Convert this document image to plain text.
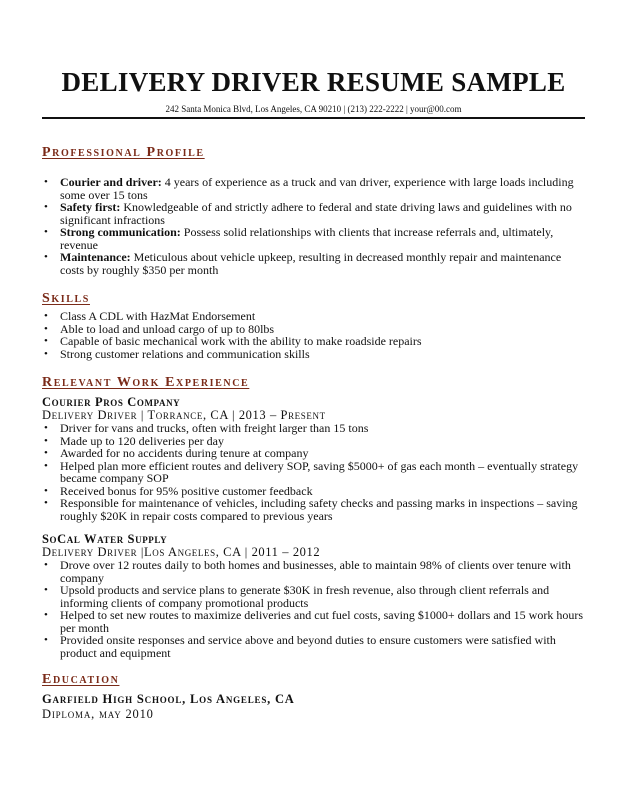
DELIVERY DRIVER RESUME SAMPLE
242 Santa Monica Blvd, Los Angeles, CA 90210 | (213) 222-2222 | your@00.com
Professional Profile
• Courier and driver: 4 years of experience as a truck and van driver, experience with large loads including some over 15 tons
• Safety first: Knowledgeable of and strictly adhere to federal and state driving laws and guidelines with no significant infractions
• Strong communication: Possess solid relationships with clients that increase referrals and, ultimately, revenue
• Maintenance: Meticulous about vehicle upkeep, resulting in decreased monthly repair and maintenance costs by roughly $350 per month
Skills
• Class A CDL with HazMat Endorsement
• Able to load and unload cargo of up to 80lbs
• Capable of basic mechanical work with the ability to make roadside repairs
• Strong customer relations and communication skills
Relevant Work Experience
Courier Pros Company
Delivery Driver | Torrance, CA | 2013 – Present
• Driver for vans and trucks, often with freight larger than 15 tons
• Made up to 120 deliveries per day
• Awarded for no accidents during tenure at company
• Helped plan more efficient routes and delivery SOP, saving $5000+ of gas each month – eventually strategy became company SOP
• Received bonus for 95% positive customer feedback
• Responsible for maintenance of vehicles, including safety checks and passing marks in inspections – saving roughly $20K in repair costs compared to previous years
SoCal Water Supply
Delivery Driver |Los Angeles, CA | 2011 – 2012
• Drove over 12 routes daily to both homes and businesses, able to maintain 98% of clients over tenure with company
• Upsold products and service plans to generate $30K in fresh revenue, also through client referrals and informing clients of company promotional products
• Helped to set new routes to maximize deliveries and cut fuel costs, saving $1000+ dollars and 15 work hours per month
• Provided onsite responses and service above and beyond duties to ensure customers were satisfied with product and equipment
Education
Garfield High School, Los Angeles, CA
Diploma, may 2010
